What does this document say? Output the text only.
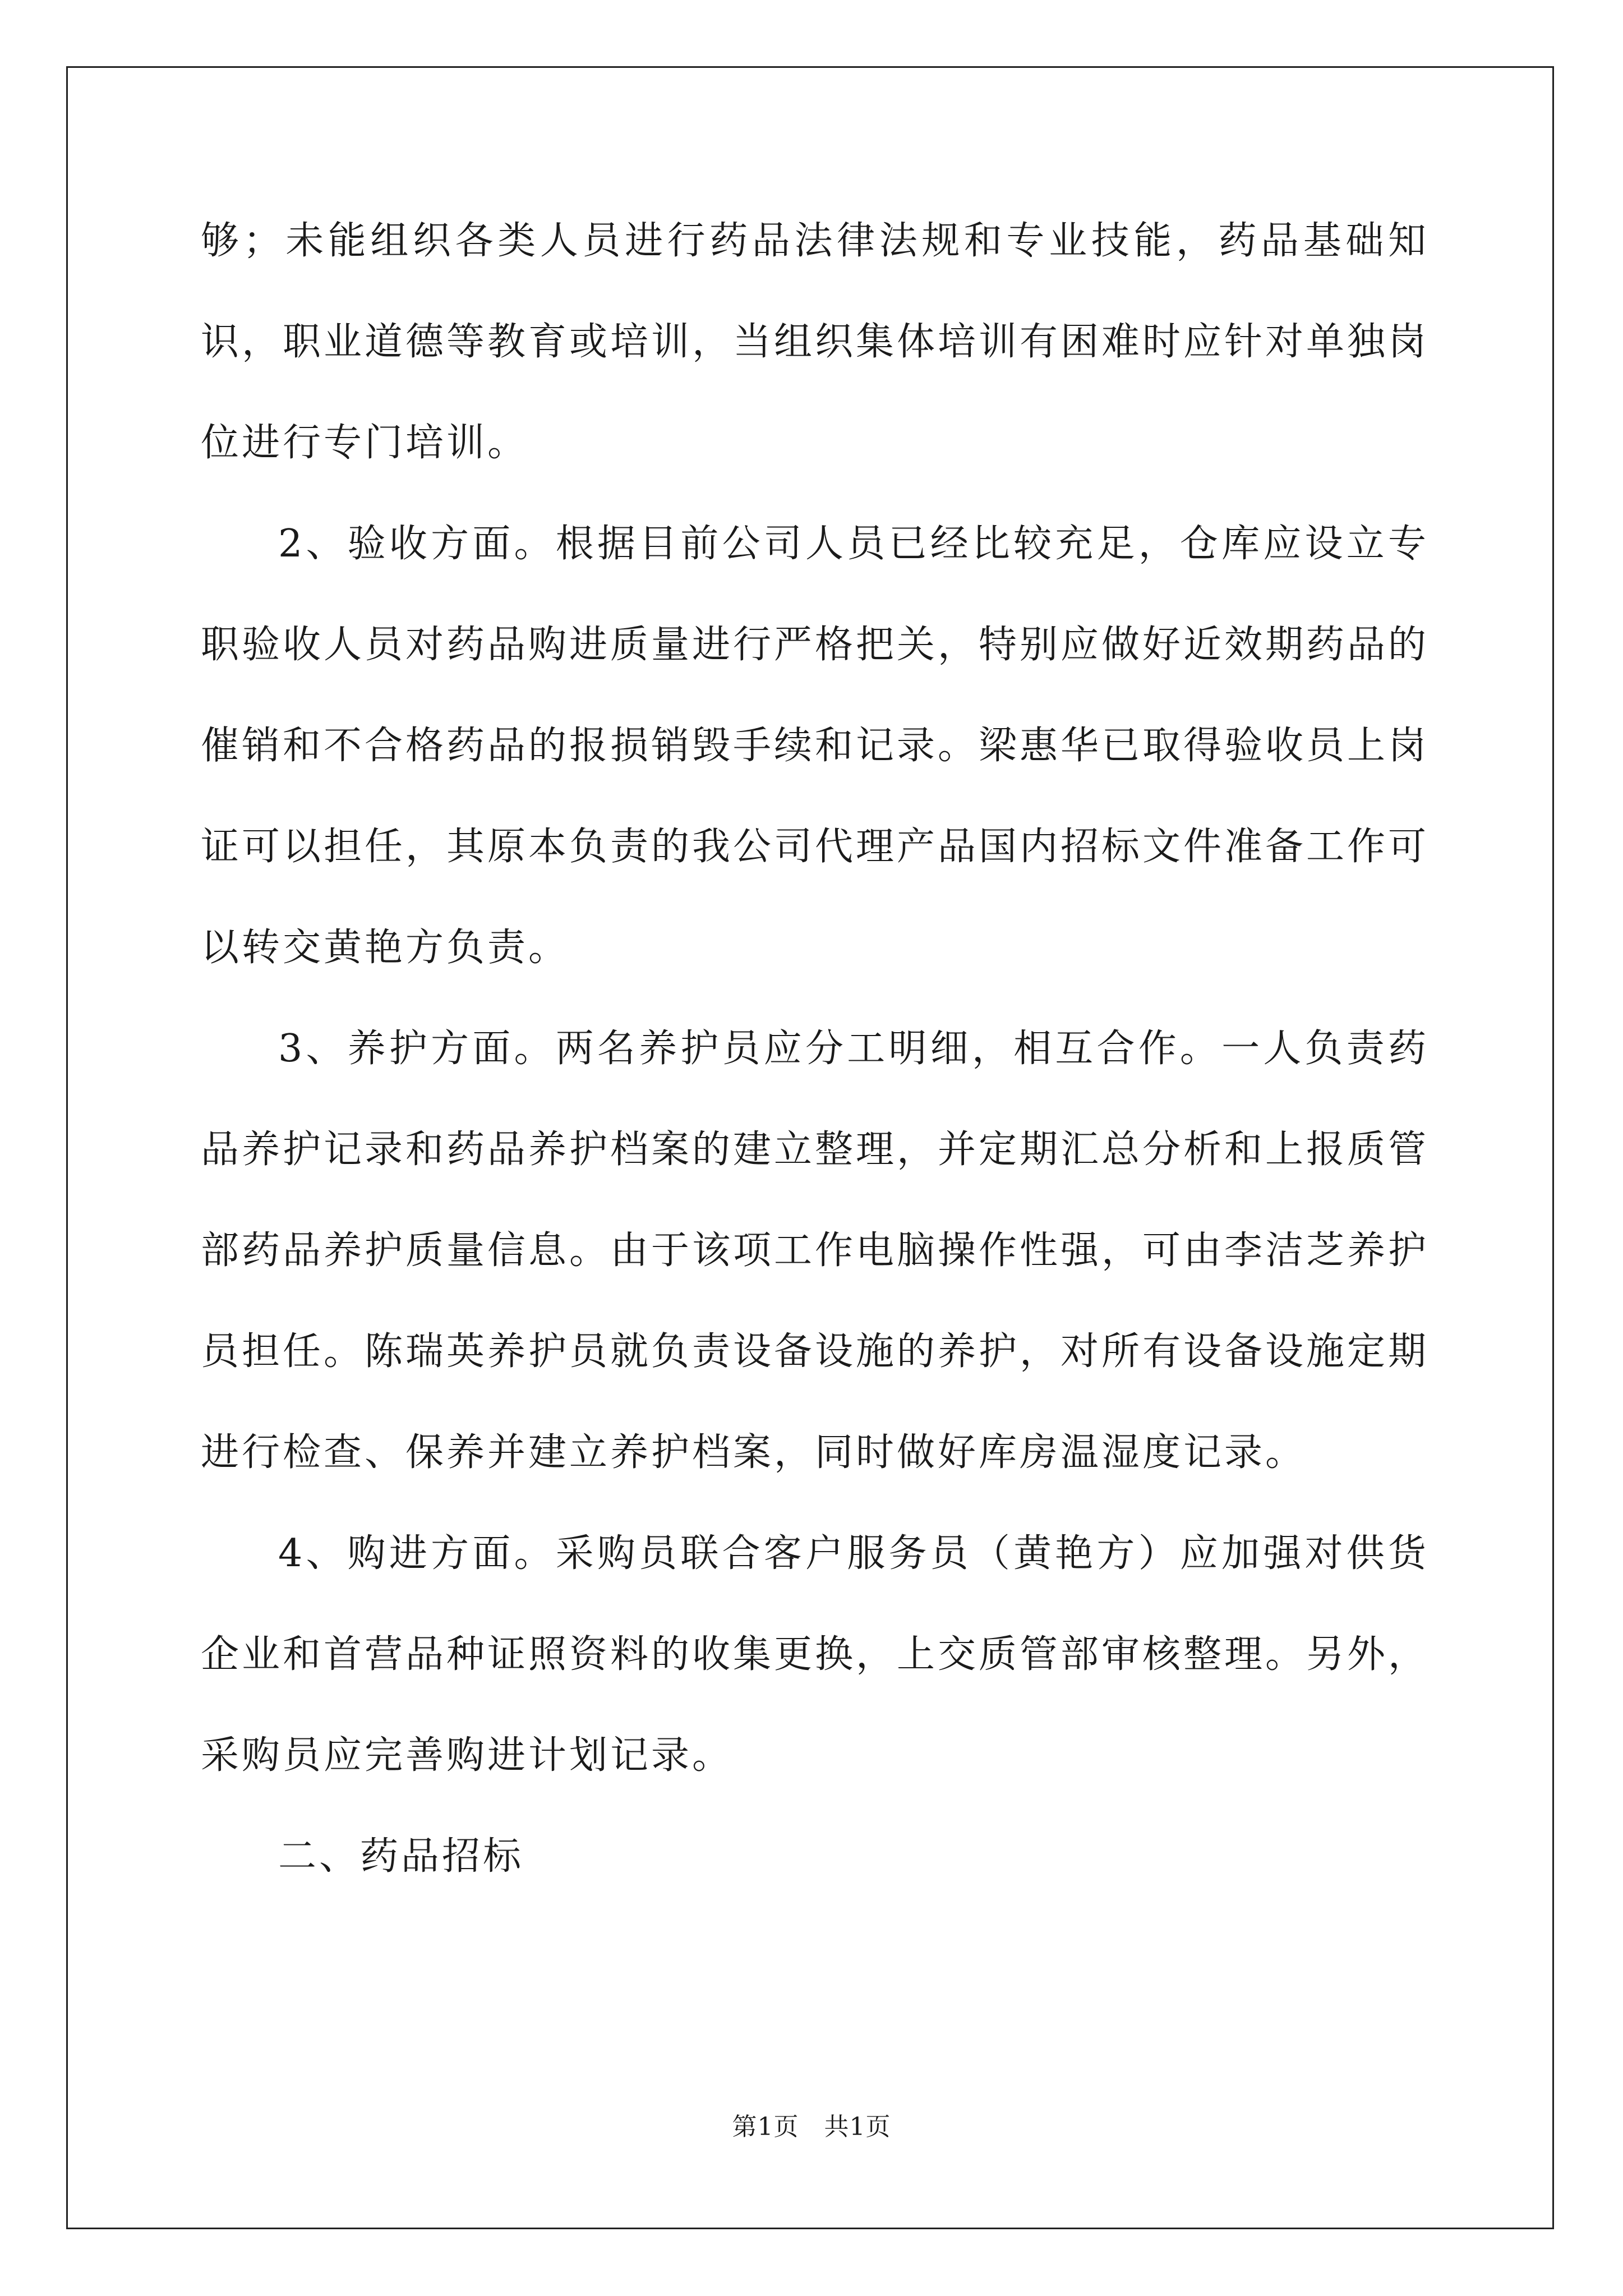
够；未能组织各类人员进行药品法律法规和专业技能，药品基础知识，职业道德等教育或培训，当组织集体培训有困难时应针对单独岗位进行专门培训。

2、验收方面。根据目前公司人员已经比较充足，仓库应设立专职验收人员对药品购进质量进行严格把关，特别应做好近效期药品的催销和不合格药品的报损销毁手续和记录。梁惠华已取得验收员上岗证可以担任，其原本负责的我公司代理产品国内招标文件准备工作可以转交黄艳方负责。

3、养护方面。两名养护员应分工明细，相互合作。一人负责药品养护记录和药品养护档案的建立整理，并定期汇总分析和上报质管部药品养护质量信息。由于该项工作电脑操作性强，可由李洁芝养护员担任。陈瑞英养护员就负责设备设施的养护，对所有设备设施定期进行检查、保养并建立养护档案，同时做好库房温湿度记录。

4、购进方面。采购员联合客户服务员（黄艳方）应加强对供货企业和首营品种证照资料的收集更换，上交质管部审核整理。另外，采购员应完善购进计划记录。

二、药品招标

第1页   共1页
